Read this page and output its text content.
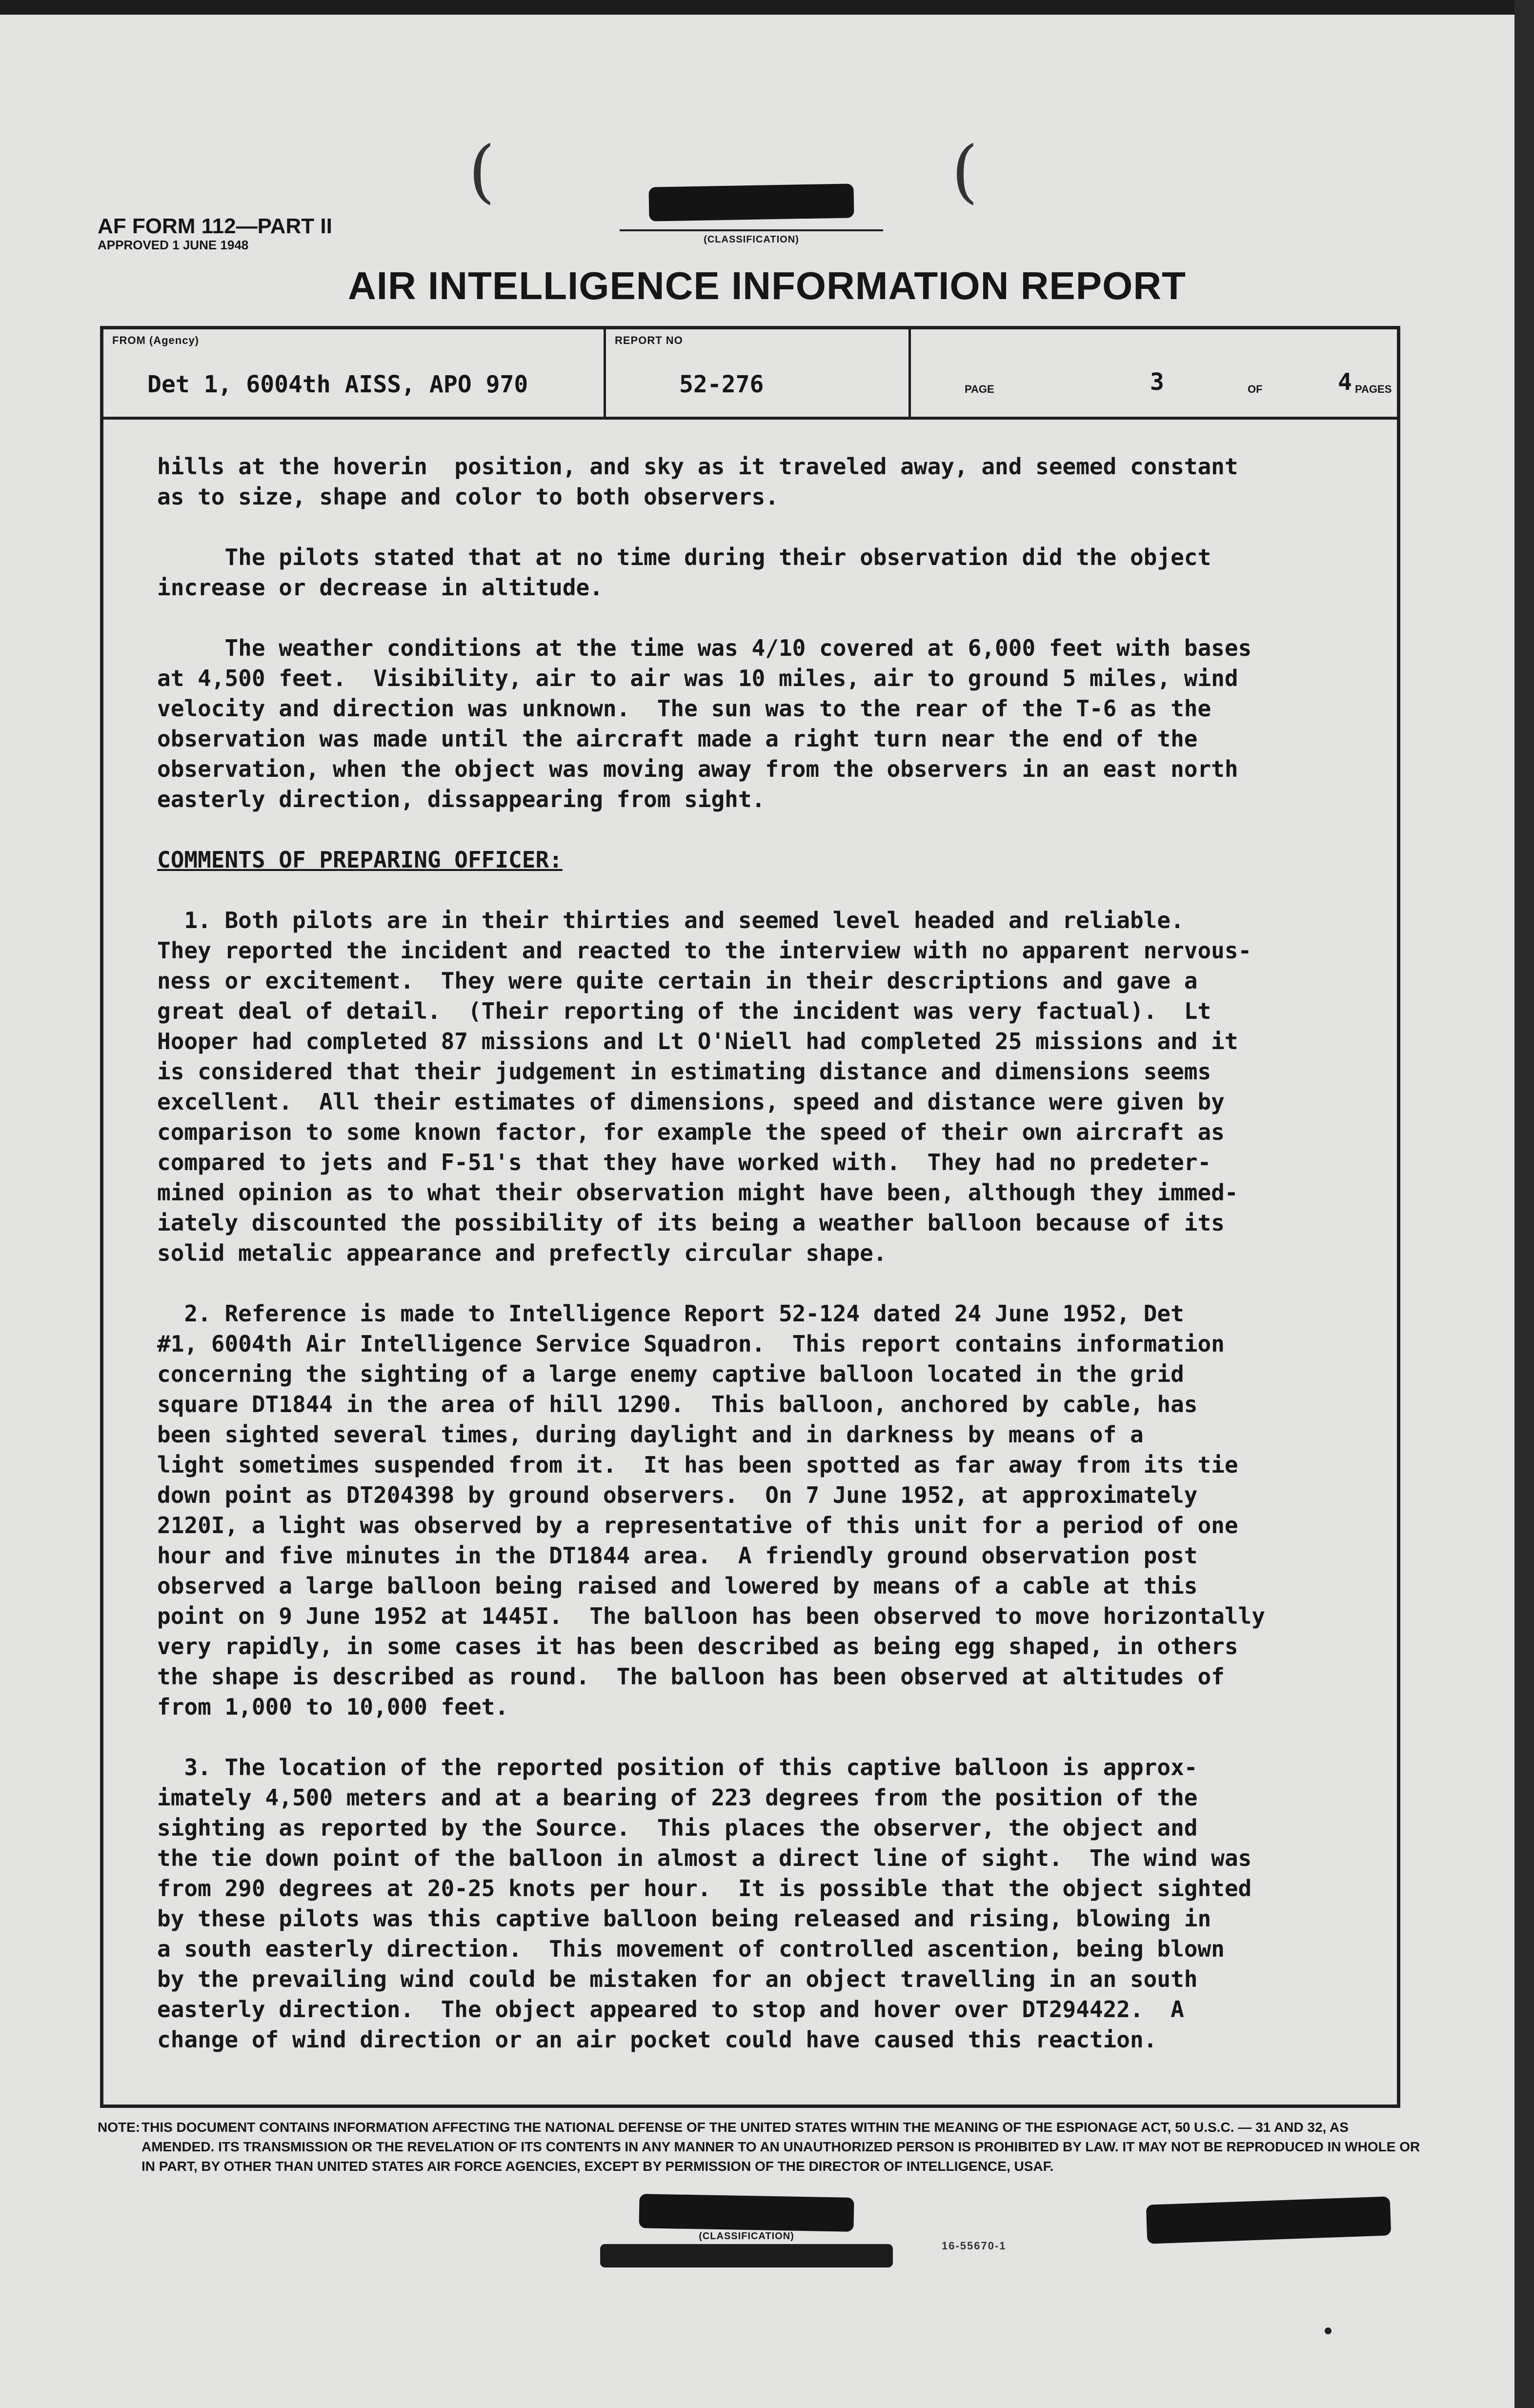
(	(
AF FORM 112—PART II
APPROVED 1 JUNE 1948	(CLASSIFICATION)
AIR INTELLIGENCE INFORMATION REPORT
FROM (Agency)
Det 1, 6004th AISS, APO 970
REPORT NO
52-276	PAGE	3	OF	4 PAGES
hills at the hoverin  position, and sky as it traveled away, and seemed constant
as to size, shape and color to both observers.

The pilots stated that at no time during their observation did the object
increase or decrease in altitude.

The weather conditions at the time was 4/10 covered at 6,000 feet with bases
at 4,500 feet.  Visibility, air to air was 10 miles, air to ground 5 miles, wind
velocity and direction was unknown.  The sun was to the rear of the T-6 as the
observation was made until the aircraft made a right turn near the end of the
observation, when the object was moving away from the observers in an east north
easterly direction, dissappearing from sight.

COMMENTS OF PREPARING OFFICER:

1. Both pilots are in their thirties and seemed level headed and reliable.
They reported the incident and reacted to the interview with no apparent nervous-
ness or excitement.  They were quite certain in their descriptions and gave a
great deal of detail.  (Their reporting of the incident was very factual).  Lt
Hooper had completed 87 missions and Lt O'Niell had completed 25 missions and it
is considered that their judgement in estimating distance and dimensions seems
excellent.  All their estimates of dimensions, speed and distance were given by
comparison to some known factor, for example the speed of their own aircraft as
compared to jets and F-51's that they have worked with.  They had no predeter-
mined opinion as to what their observation might have been, although they immed-
iately discounted the possibility of its being a weather balloon because of its
solid metalic appearance and prefectly circular shape.

2. Reference is made to Intelligence Report 52-124 dated 24 June 1952, Det
#1, 6004th Air Intelligence Service Squadron.  This report contains information
concerning the sighting of a large enemy captive balloon located in the grid
square DT1844 in the area of hill 1290.  This balloon, anchored by cable, has
been sighted several times, during daylight and in darkness by means of a
light sometimes suspended from it.  It has been spotted as far away from its tie
down point as DT204398 by ground observers.  On 7 June 1952, at approximately
2120I, a light was observed by a representative of this unit for a period of one
hour and five minutes in the DT1844 area.  A friendly ground observation post
observed a large balloon being raised and lowered by means of a cable at this
point on 9 June 1952 at 1445I.  The balloon has been observed to move horizontally
very rapidly, in some cases it has been described as being egg shaped, in others
the shape is described as round.  The balloon has been observed at altitudes of
from 1,000 to 10,000 feet.

3. The location of the reported position of this captive balloon is approx-
imately 4,500 meters and at a bearing of 223 degrees from the position of the
sighting as reported by the Source.  This places the observer, the object and
the tie down point of the balloon in almost a direct line of sight.  The wind was
from 290 degrees at 20-25 knots per hour.  It is possible that the object sighted
by these pilots was this captive balloon being released and rising, blowing in
a south easterly direction.  This movement of controlled ascention, being blown
by the prevailing wind could be mistaken for an object travelling in an south
easterly direction.  The object appeared to stop and hover over DT294422.  A
change of wind direction or an air pocket could have caused this reaction.
NOTE: THIS DOCUMENT CONTAINS INFORMATION AFFECTING THE NATIONAL DEFENSE OF THE UNITED STATES WITHIN THE MEANING OF THE ESPIONAGE ACT, 50 U.S.C. — 31 AND 32, AS AMENDED. ITS TRANSMISSION OR THE REVELATION OF ITS CONTENTS IN ANY MANNER TO AN UNAUTHORIZED PERSON IS PROHIBITED BY LAW. IT MAY NOT BE REPRODUCED IN WHOLE OR IN PART, BY OTHER THAN UNITED STATES AIR FORCE AGENCIES, EXCEPT BY PERMISSION OF THE DIRECTOR OF INTELLIGENCE, USAF.
(CLASSIFICATION)
16-55670-1
